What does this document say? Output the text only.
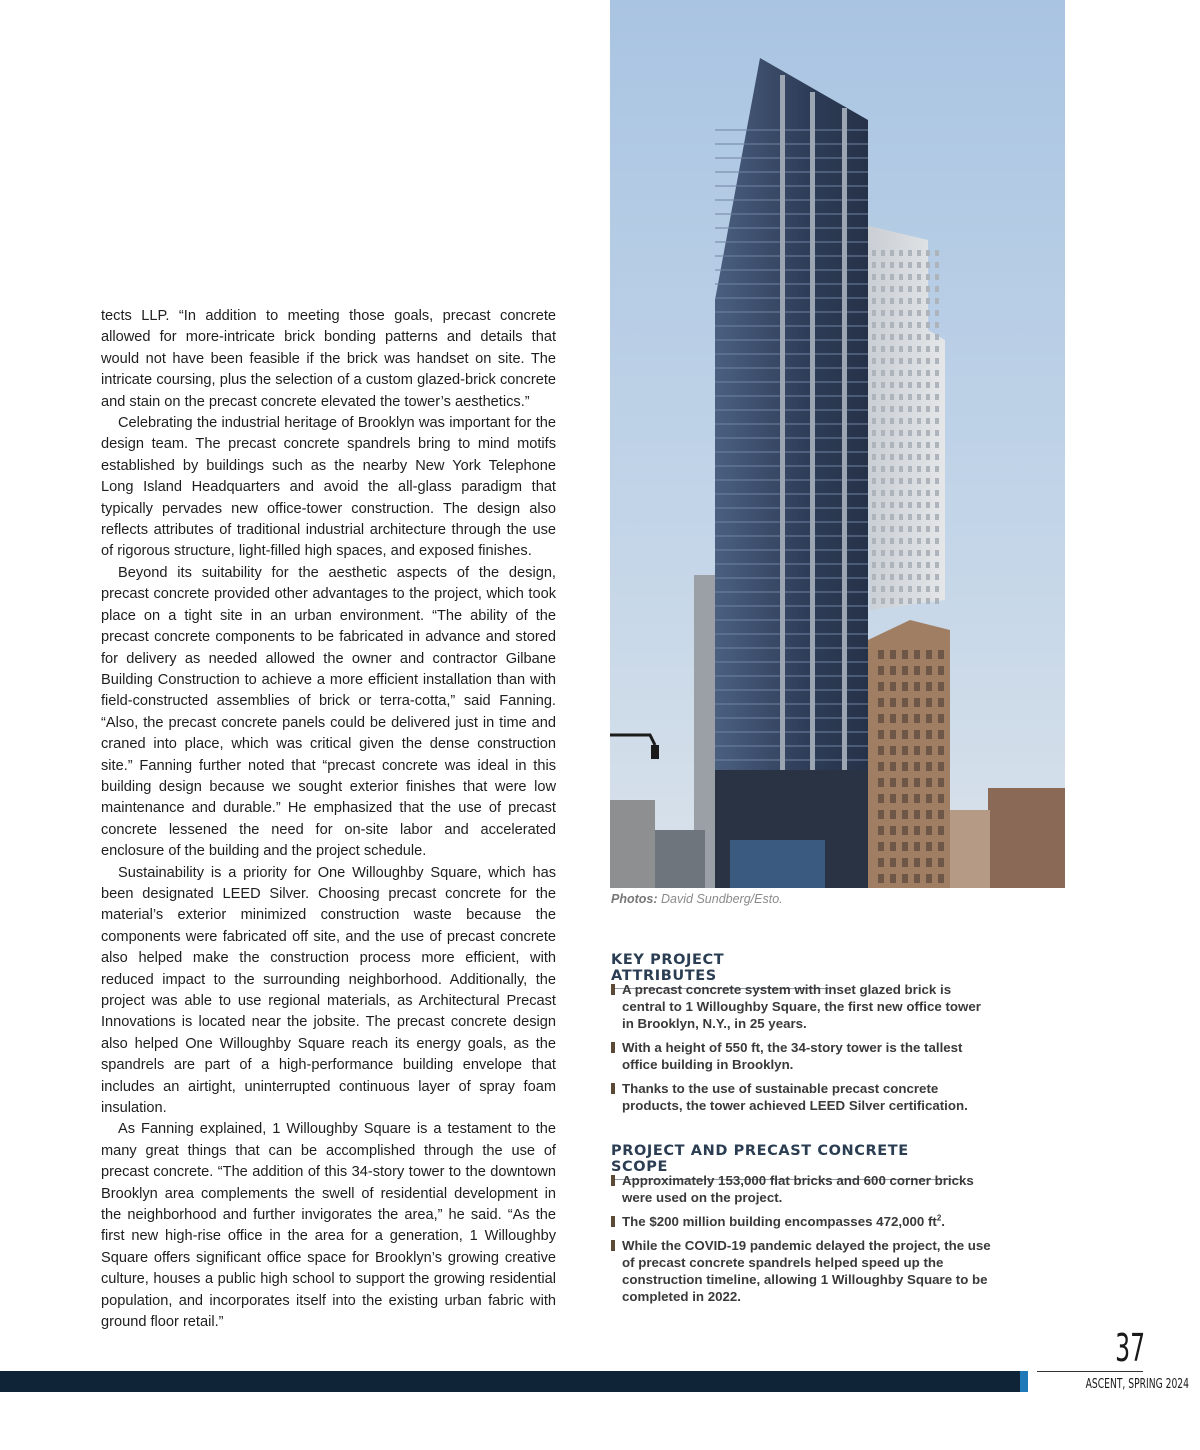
tects LLP. “In addition to meeting those goals, precast concrete allowed for more-intricate brick bonding patterns and details that would not have been feasible if the brick was handset on site. The intricate coursing, plus the selection of a custom glazed-brick concrete and stain on the precast concrete elevated the tower’s aesthetics.”

Celebrating the industrial heritage of Brooklyn was important for the design team. The precast concrete spandrels bring to mind motifs established by buildings such as the nearby New York Telephone Long Island Headquarters and avoid the all-glass paradigm that typically pervades new office-tower construction. The design also reflects attributes of traditional industrial architecture through the use of rigorous structure, light-filled high spaces, and exposed finishes.

Beyond its suitability for the aesthetic aspects of the design, precast concrete provided other advantages to the project, which took place on a tight site in an urban environment. “The ability of the precast concrete components to be fabricated in advance and stored for delivery as needed allowed the owner and contractor Gilbane Building Construction to achieve a more efficient installation than with field-constructed assemblies of brick or terra-cotta,” said Fanning. “Also, the precast concrete panels could be delivered just in time and craned into place, which was critical given the dense construction site.” Fanning further noted that “precast concrete was ideal in this building design because we sought exterior finishes that were low maintenance and durable.” He emphasized that the use of precast concrete lessened the need for on-site labor and accelerated enclosure of the building and the project schedule.

Sustainability is a priority for One Willoughby Square, which has been designated LEED Silver. Choosing precast concrete for the material’s exterior minimized construction waste because the components were fabricated off site, and the use of precast concrete also helped make the construction process more efficient, with reduced impact to the surrounding neighborhood. Additionally, the project was able to use regional materials, as Architectural Precast Innovations is located near the jobsite. The precast concrete design also helped One Willoughby Square reach its energy goals, as the spandrels are part of a high-performance building envelope that includes an airtight, uninterrupted continuous layer of spray foam insulation.

As Fanning explained, 1 Willoughby Square is a testament to the many great things that can be accomplished through the use of precast concrete. “The addition of this 34-story tower to the downtown Brooklyn area complements the swell of residential development in the neighborhood and further invigorates the area,” he said. “As the first new high-rise office in the area for a generation, 1 Willoughby Square offers significant office space for Brooklyn’s growing creative culture, houses a public high school to support the growing residential population, and incorporates itself into the existing urban fabric with ground floor retail.”

Photos: David Sundberg/Esto.
KEY PROJECT ATTRIBUTES
A precast concrete system with inset glazed brick is central to 1 Willoughby Square, the first new office tower in Brooklyn, N.Y., in 25 years.
With a height of 550 ft, the 34-story tower is the tallest office building in Brooklyn.
Thanks to the use of sustainable precast concrete products, the tower achieved LEED Silver certification.
PROJECT AND PRECAST CONCRETE SCOPE
Approximately 153,000 flat bricks and 600 corner bricks were used on the project.
The $200 million building encompasses 472,000 $ft^2$.
While the COVID-19 pandemic delayed the project, the use of precast concrete spandrels helped speed up the construction timeline, allowing 1 Willoughby Square to be completed in 2022.
37
ASCENT, SPRING 2024
